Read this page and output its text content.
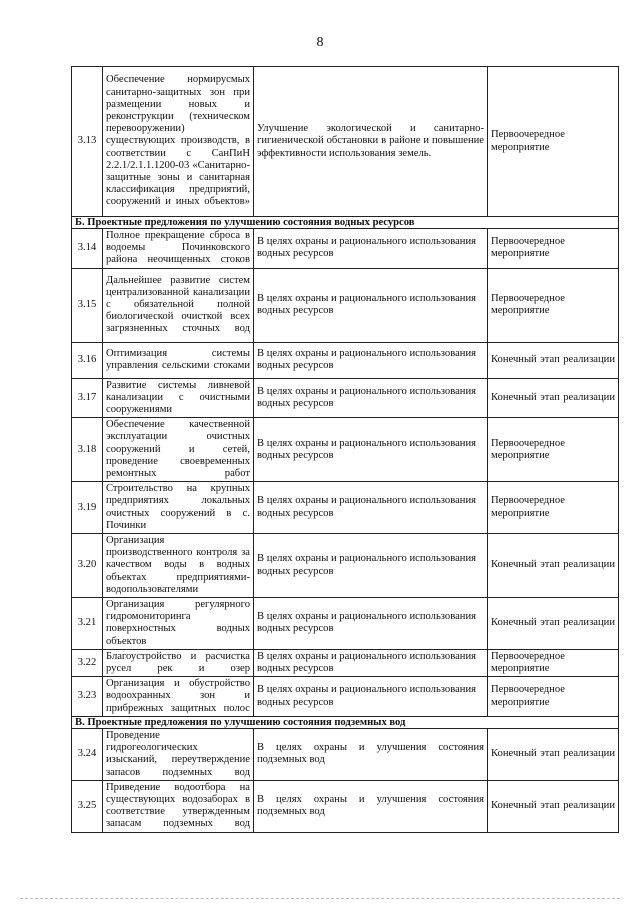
8
3.13	Обеспечение нормирусмых санитарно-защитных зон при размещении новых и реконструкции (техническом перевооружении) существующих производств, в соответствии с СанПиН 2.2.1/2.1.1.1200-03 «Санитарно-защитные зоны и санитарная классификация предприятий, сооружений и иных объектов»	Улучшение экологической и санитарно-гигиенической обстановки в районе и повышение эффективности использования земель.	Первоочередное мероприятие
Б. Проектные предложения по улучшению состояния водных ресурсов			
3.14	Полное прекращение сброса в водоемы Починковского района неочищенных стоков	В целях охраны и рационального использования водных ресурсов	Первоочередное мероприятие
3.15	Дальнейшее развитие систем централизованной канализации с обязательной полной биологической очисткой всех загрязненных сточных вод	В целях охраны и рационального использования водных ресурсов	Первоочередное мероприятие
3.16	Оптимизация системы управления сельскими стоками	В целях охраны и рационального использования водных ресурсов	Конечный этап реализации
3.17	Развитие системы ливневой канализации с очистными сооружениями	В целях охраны и рационального использования водных ресурсов	Конечный этап реализации
3.18	Обеспечение качественной эксплуатации очистных сооружений и сетей, проведение своевременных ремонтных работ	В целях охраны и рационального использования водных ресурсов	Первоочередное мероприятие
3.19	Строительство на крупных предприятиях локальных очистных сооружений в с. Починки	В целях охраны и рационального использования водных ресурсов	Первоочередное мероприятие
3.20	Организация производственного контроля за качеством воды в водных объектах предприятиями-водопользователями	В целях охраны и рационального использования водных ресурсов	Конечный этап реализации
3.21	Организация регулярного гидромониторинга поверхностных водных объектов	В целях охраны и рационального использования водных ресурсов	Конечный этап реализации
3.22	Благоустройство и расчистка русел рек и озер	В целях охраны и рационального использования водных ресурсов	Первоочередное мероприятие
3.23	Организация и обустройство водоохранных зон и прибрежных защитных полос	В целях охраны и рационального использования водных ресурсов	Первоочередное мероприятие
В. Проектные предложения по улучшению состояния подземных вод			
3.24	Проведение гидрогеологических изысканий, переутверждение запасов подземных вод	В целях охраны и улучшения состояния подземных вод	Конечный этап реализации
3.25	Приведение водоотбора на существующих водозаборах в соответствие утвержденным запасам подземных вод	В целях охраны и улучшения состояния подземных вод	Конечный этап реализации
